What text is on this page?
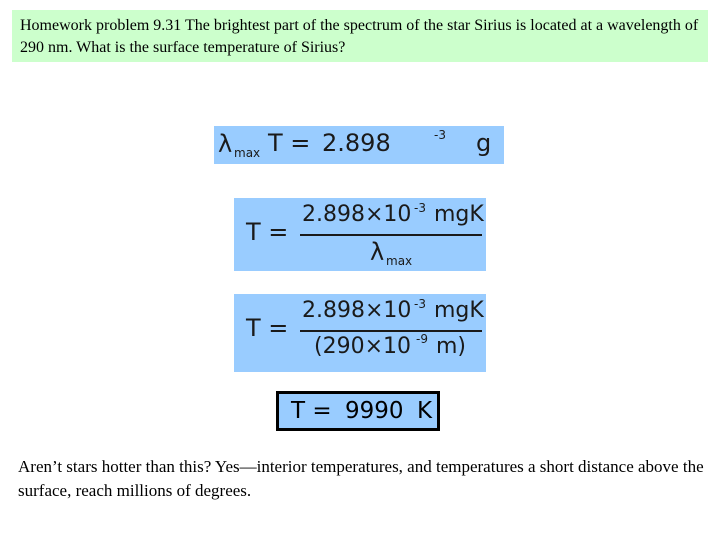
Homework problem 9.31 The brightest part of the spectrum of the star Sirius is located at a wavelength of 290 nm. What is the surface temperature of Sirius?
λ max T = 2.898	-3 g
T =
2.898×10 -3 mgK
λ max
T =
2.898×10 -3 mgK
(290×10 -9 m)
T = 9990 K
Aren’t stars hotter than this? Yes—interior temperatures, and temperatures a short distance above the surface, reach millions of degrees.
